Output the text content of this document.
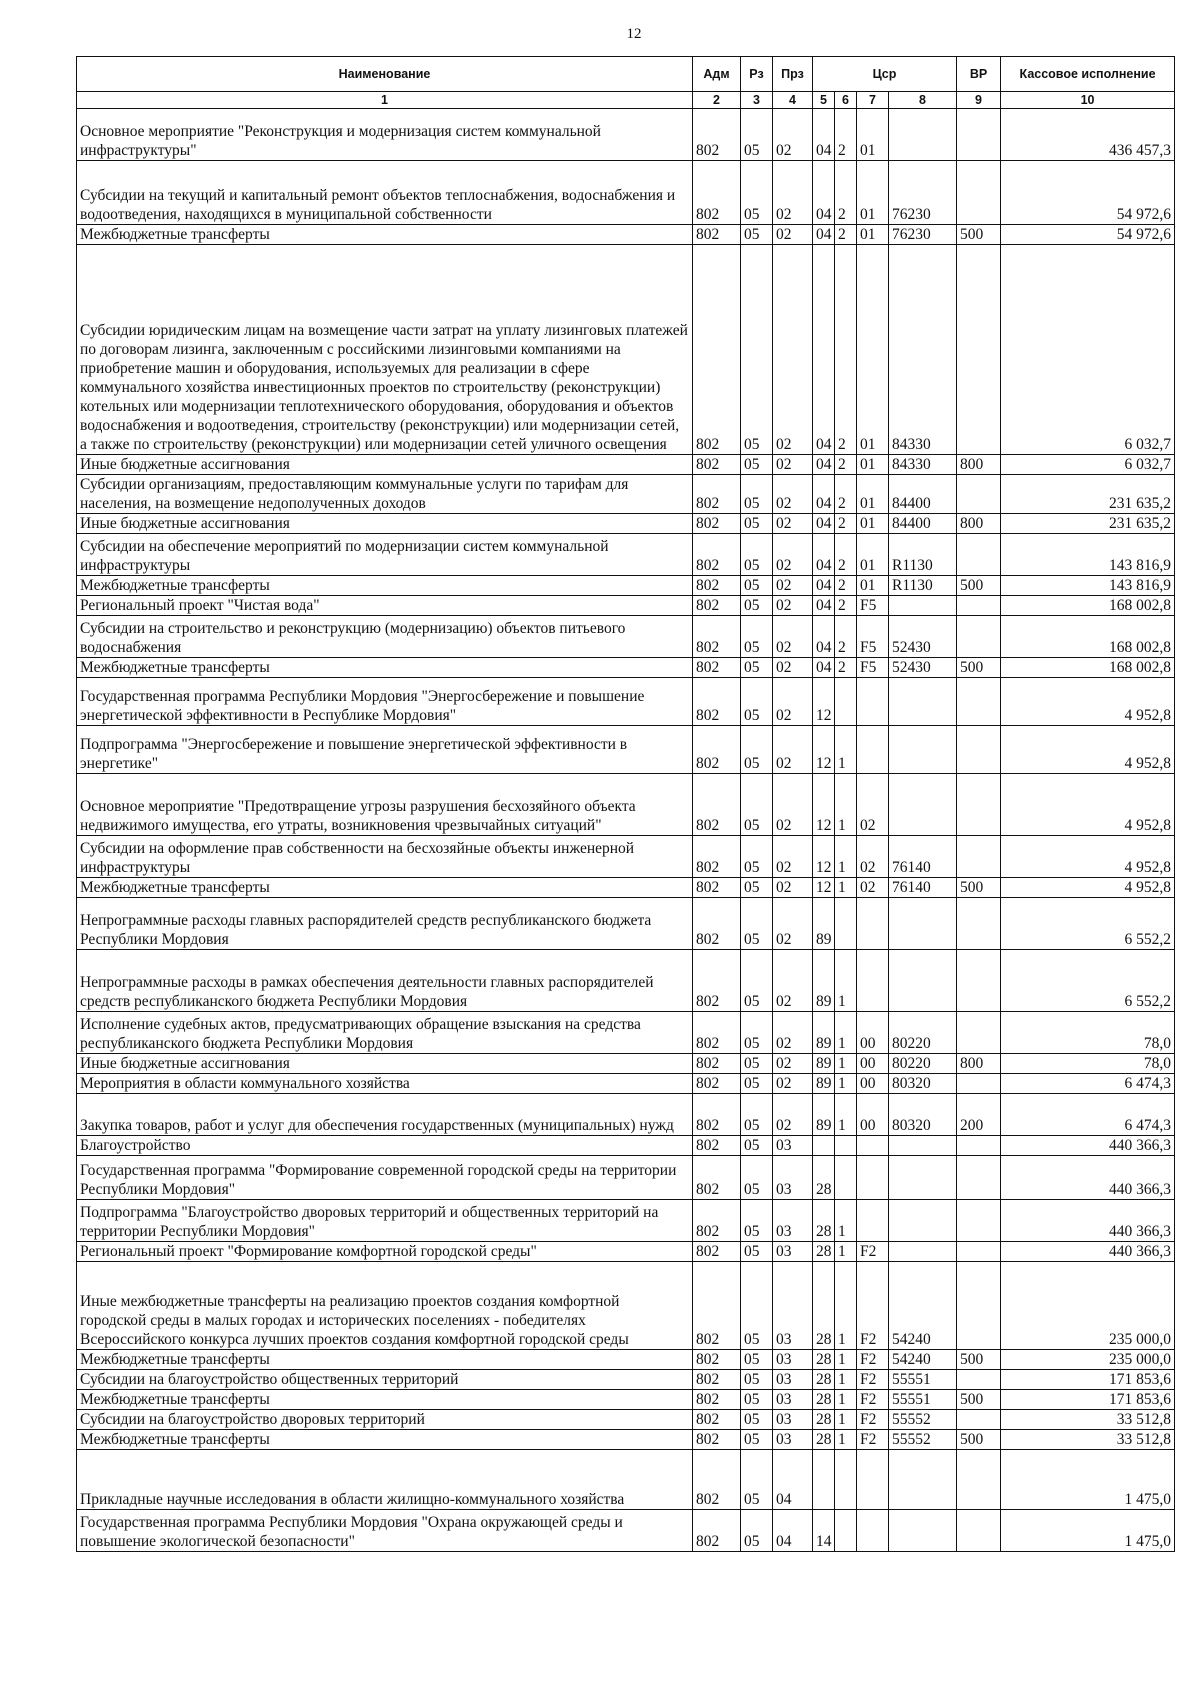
12
Наименование	Адм	Рз	Прз	Цср				ВР	Кассовое исполнение
1	2	3	4	5	6	7	8	9	10
Основное мероприятие "Реконструкция и модернизация систем коммунальной инфраструктуры"	802	05	02	04	2	01			436 457,3
Субсидии на текущий и капитальный ремонт объектов теплоснабжения, водоснабжения и водоотведения, находящихся в муниципальной собственности	802	05	02	04	2	01	76230		54 972,6
Межбюджетные трансферты	802	05	02	04	2	01	76230	500	54 972,6
Субсидии юридическим лицам на возмещение части затрат на уплату лизинговых платежей по договорам лизинга, заключенным с российскими лизинговыми компаниями на приобретение машин и оборудования, используемых для реализации в сфере коммунального хозяйства инвестиционных проектов по строительству (реконструкции) котельных или модернизации теплотехнического оборудования, оборудования и объектов водоснабжения и водоотведения, строительству (реконструкции) или модернизации сетей, а также по строительству (реконструкции) или модернизации сетей уличного освещения	802	05	02	04	2	01	84330		6 032,7
Иные бюджетные ассигнования	802	05	02	04	2	01	84330	800	6 032,7
Субсидии организациям, предоставляющим коммунальные услуги по тарифам для населения, на возмещение недополученных доходов	802	05	02	04	2	01	84400		231 635,2
Иные бюджетные ассигнования	802	05	02	04	2	01	84400	800	231 635,2
Субсидии на обеспечение мероприятий по модернизации систем коммунальной инфраструктуры	802	05	02	04	2	01	R1130		143 816,9
Межбюджетные трансферты	802	05	02	04	2	01	R1130	500	143 816,9
Региональный проект "Чистая вода"	802	05	02	04	2	F5			168 002,8
Субсидии на строительство и реконструкцию (модернизацию) объектов питьевого водоснабжения	802	05	02	04	2	F5	52430		168 002,8
Межбюджетные трансферты	802	05	02	04	2	F5	52430	500	168 002,8
Государственная программа Республики Мордовия "Энергосбережение и повышение энергетической эффективности в Республике Мордовия"	802	05	02	12					4 952,8
Подпрограмма "Энергосбережение и повышение энергетической эффективности в энергетике"	802	05	02	12	1				4 952,8
Основное мероприятие "Предотвращение угрозы разрушения бесхозяйного объекта недвижимого имущества, его утраты, возникновения чрезвычайных ситуаций"	802	05	02	12	1	02			4 952,8
Субсидии на оформление прав собственности на бесхозяйные объекты инженерной инфраструктуры	802	05	02	12	1	02	76140		4 952,8
Межбюджетные трансферты	802	05	02	12	1	02	76140	500	4 952,8
Непрограммные расходы главных распорядителей средств республиканского бюджета Республики Мордовия	802	05	02	89					6 552,2
Непрограммные расходы в рамках обеспечения деятельности главных распорядителей средств республиканского бюджета Республики Мордовия	802	05	02	89	1				6 552,2
Исполнение судебных актов, предусматривающих обращение взыскания на средства республиканского бюджета Республики Мордовия	802	05	02	89	1	00	80220		78,0
Иные бюджетные ассигнования	802	05	02	89	1	00	80220	800	78,0
Мероприятия в области коммунального хозяйства	802	05	02	89	1	00	80320		6 474,3
Закупка товаров, работ и услуг для обеспечения государственных (муниципальных) нужд	802	05	02	89	1	00	80320	200	6 474,3
Благоустройство	802	05	03						440 366,3
Государственная программа "Формирование современной городской среды на территории Республики Мордовия"	802	05	03	28					440 366,3
Подпрограмма "Благоустройство дворовых территорий и общественных территорий на территории Республики Мордовия"	802	05	03	28	1				440 366,3
Региональный проект "Формирование комфортной городской среды"	802	05	03	28	1	F2			440 366,3
Иные межбюджетные трансферты на реализацию проектов создания комфортной городской среды в малых городах и исторических поселениях - победителях Всероссийского конкурса лучших проектов создания комфортной городской среды	802	05	03	28	1	F2	54240		235 000,0
Межбюджетные трансферты	802	05	03	28	1	F2	54240	500	235 000,0
Субсидии на благоустройство общественных территорий	802	05	03	28	1	F2	55551		171 853,6
Межбюджетные трансферты	802	05	03	28	1	F2	55551	500	171 853,6
Субсидии на благоустройство дворовых территорий	802	05	03	28	1	F2	55552		33 512,8
Межбюджетные трансферты	802	05	03	28	1	F2	55552	500	33 512,8
Прикладные научные исследования в области жилищно-коммунального хозяйства	802	05	04						1 475,0
Государственная программа Республики Мордовия "Охрана окружающей среды и повышение экологической безопасности"	802	05	04	14					1 475,0
